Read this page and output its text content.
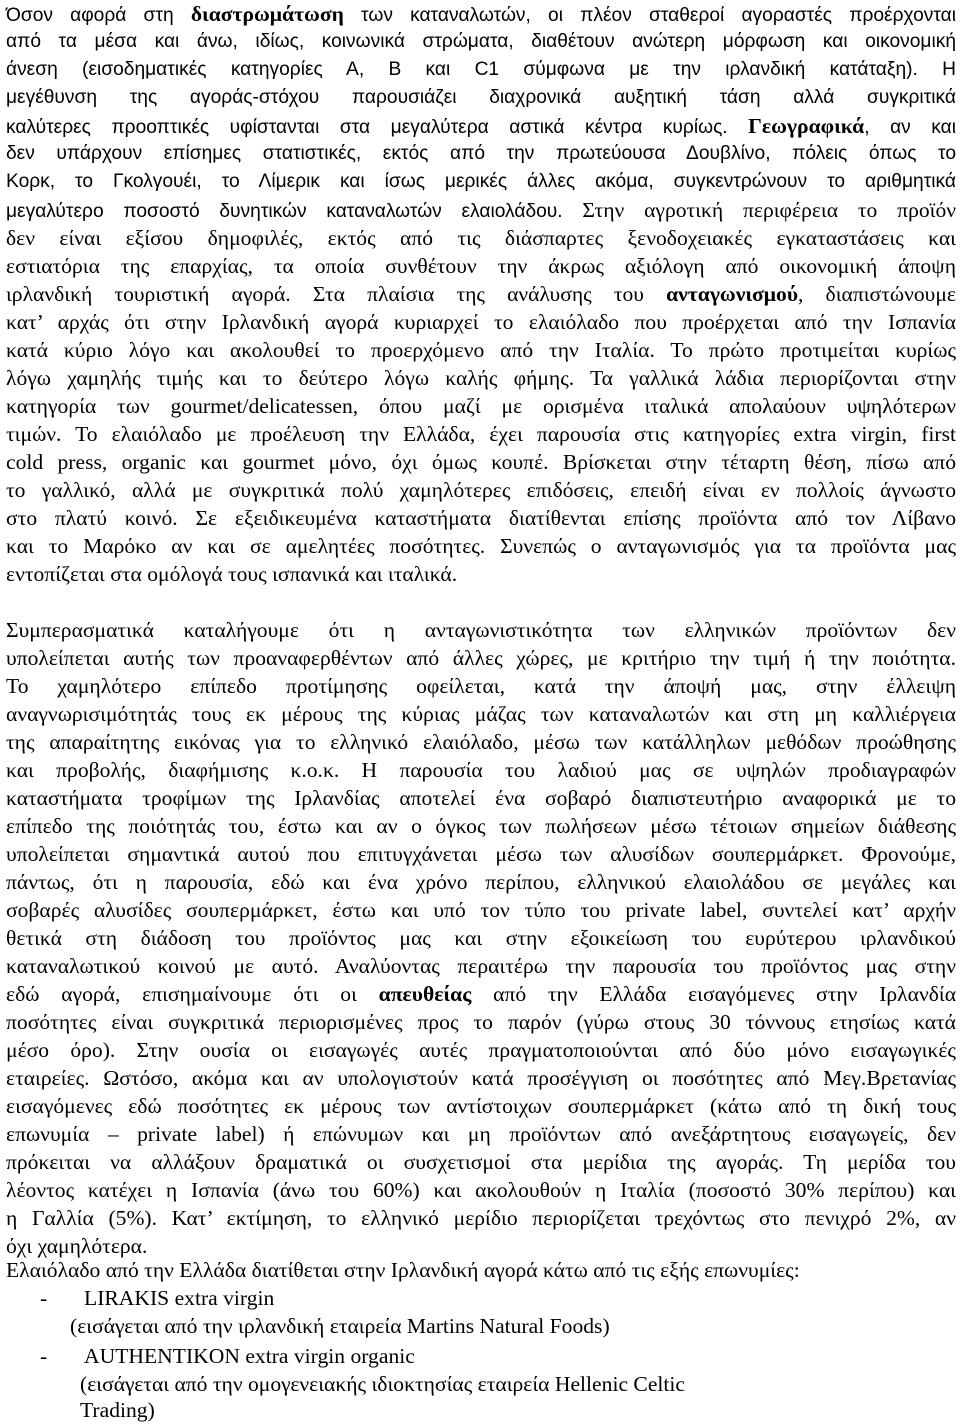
Όσον αφορά στη διαστρωμάτωση των καταναλωτών, οι πλέον σταθεροί αγοραστές προέρχονται
από τα μέσα και άνω, ιδίως, κοινωνικά στρώματα, διαθέτουν ανώτερη μόρφωση και οικονομική
άνεση (εισοδηματικές κατηγορίες Α, Β και C1 σύμφωνα με την ιρλανδική κατάταξη). Η
μεγέθυνση της αγοράς-στόχου παρουσιάζει διαχρονικά αυξητική τάση αλλά συγκριτικά
καλύτερες προοπτικές υφίστανται στα μεγαλύτερα αστικά κέντρα κυρίως. Γεωγραφικά, αν και
δεν υπάρχουν επίσημες στατιστικές, εκτός από την πρωτεύουσα Δουβλίνο, πόλεις όπως το
Κορκ, το Γκολγουέι, το Λίμερικ και ίσως μερικές άλλες ακόμα, συγκεντρώνουν το αριθμητικά
μεγαλύτερο ποσοστό δυνητικών καταναλωτών ελαιολάδου. Στην αγροτική περιφέρεια το προϊόν
δεν είναι εξίσου δημοφιλές, εκτός από τις διάσπαρτες ξενοδοχειακές εγκαταστάσεις και
εστιατόρια της επαρχίας, τα οποία συνθέτουν την άκρως αξιόλογη από οικονομική άποψη
ιρλανδική τουριστική αγορά. Στα πλαίσια της ανάλυσης του ανταγωνισμού, διαπιστώνουμε
κατ’ αρχάς ότι στην Ιρλανδική αγορά κυριαρχεί το ελαιόλαδο που προέρχεται από την Ισπανία
κατά κύριο λόγο και ακολουθεί το προερχόμενο από την Ιταλία. Το πρώτο προτιμείται κυρίως
λόγω χαμηλής τιμής και το δεύτερο λόγω καλής φήμης. Τα γαλλικά λάδια περιορίζονται στην
κατηγορία των gourmet/delicatessen, όπου μαζί με ορισμένα ιταλικά απολαύουν υψηλότερων
τιμών. Το ελαιόλαδο με προέλευση την Ελλάδα, έχει παρουσία στις κατηγορίες extra virgin, first
cold press, organic και gourmet μόνο, όχι όμως κουπέ. Βρίσκεται στην τέταρτη θέση, πίσω από
το γαλλικό, αλλά με συγκριτικά πολύ χαμηλότερες επιδόσεις, επειδή είναι εν πολλοίς άγνωστο
στο πλατύ κοινό. Σε εξειδικευμένα καταστήματα διατίθενται επίσης προϊόντα από τον Λίβανο
και το Μαρόκο αν και σε αμελητέες ποσότητες. Συνεπώς ο ανταγωνισμός για τα προϊόντα μας
εντοπίζεται στα ομόλογά τους ισπανικά και ιταλικά.
Συμπερασματικά καταλήγουμε ότι η ανταγωνιστικότητα των ελληνικών προϊόντων δεν
υπολείπεται αυτής των προαναφερθέντων από άλλες χώρες, με κριτήριο την τιμή ή την ποιότητα.
Το χαμηλότερο επίπεδο προτίμησης οφείλεται, κατά την άποψή μας, στην έλλειψη
αναγνωρισιμότητάς τους εκ μέρους της κύριας μάζας των καταναλωτών και στη μη καλλιέργεια
της απαραίτητης εικόνας για το ελληνικό ελαιόλαδο, μέσω των κατάλληλων μεθόδων προώθησης
και προβολής, διαφήμισης κ.ο.κ. Η παρουσία του λαδιού μας σε υψηλών προδιαγραφών
καταστήματα τροφίμων της Ιρλανδίας αποτελεί ένα σοβαρό διαπιστευτήριο αναφορικά με το
επίπεδο της ποιότητάς του, έστω και αν ο όγκος των πωλήσεων μέσω τέτοιων σημείων διάθεσης
υπολείπεται σημαντικά αυτού που επιτυγχάνεται μέσω των αλυσίδων σουπερμάρκετ. Φρονούμε,
πάντως, ότι η παρουσία, εδώ και ένα χρόνο περίπου, ελληνικού ελαιολάδου σε μεγάλες και
σοβαρές αλυσίδες σουπερμάρκετ, έστω και υπό τον τύπο του private label, συντελεί κατ’ αρχήν
θετικά στη διάδοση του προϊόντος μας και στην εξοικείωση του ευρύτερου ιρλανδικού
καταναλωτικού κοινού με αυτό. Αναλύοντας περαιτέρω την παρουσία του προϊόντος μας στην
εδώ αγορά, επισημαίνουμε ότι οι απευθείας από την Ελλάδα εισαγόμενες στην Ιρλανδία
ποσότητες είναι συγκριτικά περιορισμένες προς το παρόν (γύρω στους 30 τόννους ετησίως κατά
μέσο όρο). Στην ουσία οι εισαγωγές αυτές πραγματοποιούνται από δύο μόνο εισαγωγικές
εταιρείες. Ωστόσο, ακόμα και αν υπολογιστούν κατά προσέγγιση οι ποσότητες από Μεγ.Βρετανίας
εισαγόμενες εδώ ποσότητες εκ μέρους των αντίστοιχων σουπερμάρκετ (κάτω από τη δική τους
επωνυμία – private label) ή επώνυμων και μη προϊόντων από ανεξάρτητους εισαγωγείς, δεν
πρόκειται να αλλάξουν δραματικά οι συσχετισμοί στα μερίδια της αγοράς. Τη μερίδα του
λέοντος κατέχει η Ισπανία (άνω του 60%) και ακολουθούν η Ιταλία (ποσοστό 30% περίπου) και
η Γαλλία (5%). Κατ’ εκτίμηση, το ελληνικό μερίδιο περιορίζεται τρεχόντως στο πενιχρό 2%, αν
όχι χαμηλότερα.
Ελαιόλαδο από την Ελλάδα διατίθεται στην Ιρλανδική αγορά κάτω από τις εξής επωνυμίες:
- LIRAKIS extra virgin
(εισάγεται από την ιρλανδική εταιρεία Martins Natural Foods)
- AUTHENTIKON extra virgin organic
(εισάγεται από την ομογενειακής ιδιοκτησίας εταιρεία Hellenic Celtic
Trading)
